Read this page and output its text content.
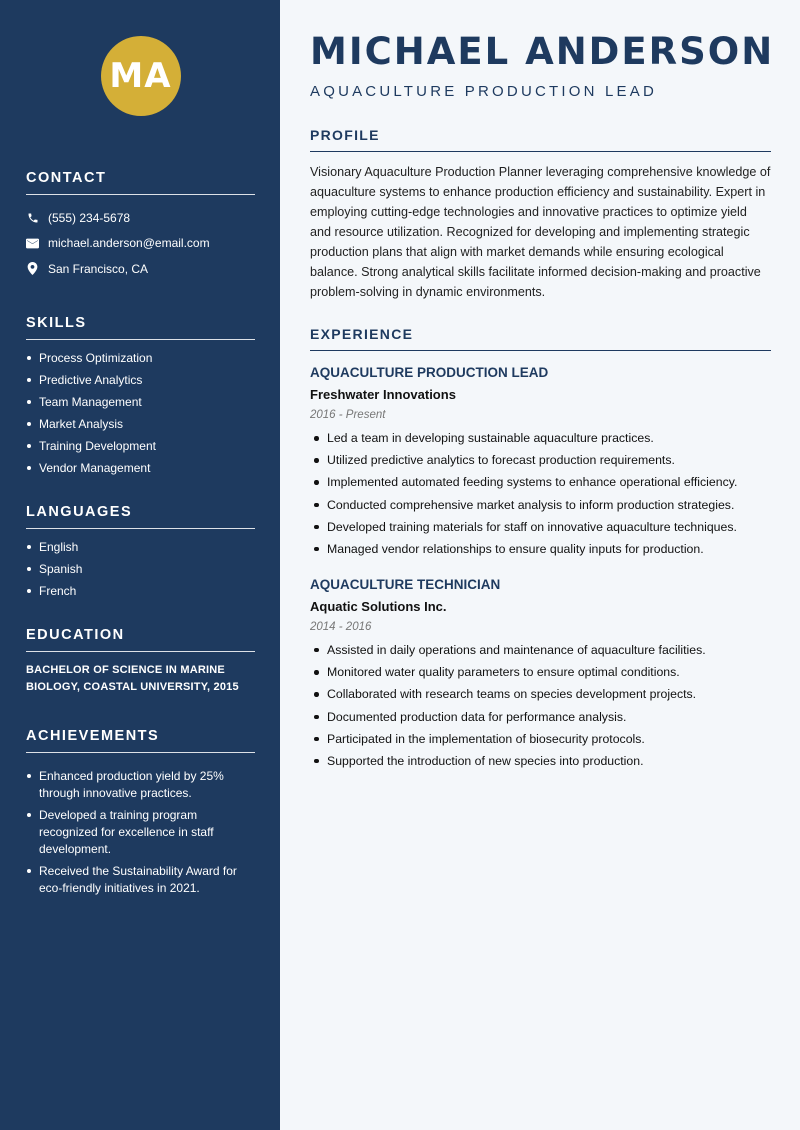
MA
CONTACT
(555) 234-5678
michael.anderson@email.com
San Francisco, CA
SKILLS
Process Optimization
Predictive Analytics
Team Management
Market Analysis
Training Development
Vendor Management
LANGUAGES
English
Spanish
French
EDUCATION

BACHELOR OF SCIENCE IN MARINE BIOLOGY, COASTAL UNIVERSITY, 2015

ACHIEVEMENTS
Enhanced production yield by 25% through innovative practices.
Developed a training program recognized for excellence in staff development.
Received the Sustainability Award for eco-friendly initiatives in 2021.
MICHAEL ANDERSON
AQUACULTURE PRODUCTION LEAD
PROFILE

Visionary Aquaculture Production Planner leveraging comprehensive knowledge of aquaculture systems to enhance production efficiency and sustainability. Expert in employing cutting-edge technologies and innovative practices to optimize yield and resource utilization. Recognized for developing and implementing strategic production plans that align with market demands while ensuring ecological balance. Strong analytical skills facilitate informed decision-making and proactive problem-solving in dynamic environments.

EXPERIENCE
AQUACULTURE PRODUCTION LEAD
Freshwater Innovations
2016 - Present
Led a team in developing sustainable aquaculture practices.
Utilized predictive analytics to forecast production requirements.
Implemented automated feeding systems to enhance operational efficiency.
Conducted comprehensive market analysis to inform production strategies.
Developed training materials for staff on innovative aquaculture techniques.
Managed vendor relationships to ensure quality inputs for production.
AQUACULTURE TECHNICIAN
Aquatic Solutions Inc.
2014 - 2016
Assisted in daily operations and maintenance of aquaculture facilities.
Monitored water quality parameters to ensure optimal conditions.
Collaborated with research teams on species development projects.
Documented production data for performance analysis.
Participated in the implementation of biosecurity protocols.
Supported the introduction of new species into production.
